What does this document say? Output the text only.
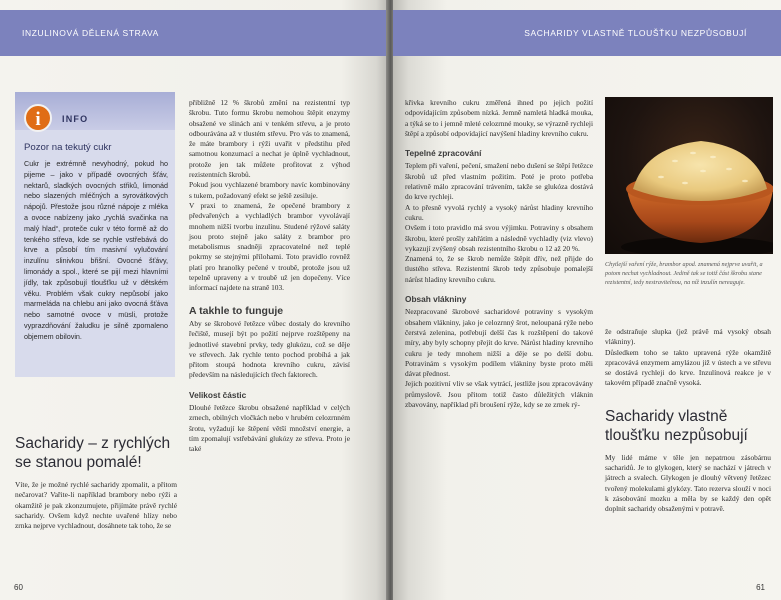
INZULINOVÁ DĚLENÁ STRAVA
i	INFO
Pozor na tekutý cukr
Cukr je extrémně nevyhodný, pokud ho pijeme – jako v případě ovocných šťáv, nektarů, sladkých ovocných střiků, limonád nebo slazených mléčných a syrovátkových nápojů. Přestože jsou různé nápoje z mléka a ovoce nabízeny jako „rychlá svačinka na malý hlad“, proteče cukr v této formě až do tenkého střeva, kde se rychle vstřebává do krve a působí tím masivní vylučování inzulínu slinivkou břišní. Ovocné šťávy, limonády a spol., které se pijí mezi hlavními jídly, tak způsobují tloušťku už v dětském věku. Problém však cukry nepůsobí jako marmeláda na chlebu ani jako ovocná šťáva nebo samotné ovoce v müsli, protože vyprazdňování žaludku je silně zpomaleno objemem obilovin.
Sacharidy – z rychlých se stanou pomalé!

Víte, že je možné rychlé sacharidy zpomalit, a přitom nečarovat? Vařite-li například brambory nebo rýži a okamžitě je pak zkonzumujete, přijímáte právě rychlé sacharidy. Ovšem když nechte uvařené hlízy nebo zrnka nejprve vychladnout, dosáhnete tak toho, že se

přibližně 12 % škrobů změní na rezistentní typ škrobu. Tuto formu škrobu nemohou štěpit enzymy obsažené ve slinách ani v tenkém střevu, a je proto odbourávána až v tlustém střevu. Pro vás to znamená, že máte brambory i rýži uvařit v předstihu před samotnou konzumací a nechat je úplně vychladnout, protože jen tak můžete profitovat z výhod rezistentních škrobů.

Pokud jsou vychlazené brambory navíc kombinovány s tukem, požadovaný efekt se ještě zesiluje.

V praxi to znamená, že opečené brambory z předvařených a vychladlých brambor vyvolávají mnohem nižší tvorbu inzulínu. Studené rýžové saláty jsou proto stejně jako saláty z brambor pro metabolismus snadněji zpracovatelné než teplé pokrmy se stejnými přílohami. Toto pravidlo rovněž platí pro hranolky pečené v troubě, protože jsou už tepelně upraveny a v troubě už jen dopečeny. Více informací najdete na straně 103.

A takhle to funguje

Aby se škrobové řetězce vůbec dostaly do krevního řečiště, musejí být po požití nejprve rozštěpeny na jednotlivé stavební prvky, tedy glukózu, což se děje ve střevech. Jak rychle tento pochod probíhá a jak přitom stoupá hodnota krevního cukru, závisí především na následujících třech faktorech.

Velikost částic

Dlouhé řetězce škrobu obsažené například v celých zrnech, obilných vločkách nebo v hrubém celozrnném šrotu, vyžadují ke štěpení větší množství energie, a tím zpomalují vstřebávání glukózy ze střeva. Proto je také

60
SACHARIDY VLASTNĚ TLOUŠŤKU NEZPŮSOBUJÍ

křivka krevního cukru změřená ihned po jejich požití odpovídajícím způsobem nízká. Jemně namletá hladká mouka, a týká se to i jemně mleté celozrnné mouky, se výrazně rychleji štěpí a způsobí odpovídající navýšení hladiny krevního cukru.

Tepelné zpracování

Teplem při vaření, pečení, smažení nebo dušení se štěpí řetězce škrobů už před vlastním požitím. Poté je proto potřeba relativně málo zpracování trávením, takže se glukóza dostává do krve rychleji.

A to přesně vyvolá rychlý a vysoký nárůst hladiny krevního cukru.

Ovšem i toto pravidlo má svou výjimku. Potraviny s obsahem škrobu, které prošly zahřátím a následně vychladly (viz vlevo) vykazují zvýšený obsah rezistentního škrobu o 12 až 20 %.

Znamená to, že se škrob nemůže štěpit dřív, než přijde do tlustého střeva. Rezistentní škrob tedy způsobuje pomalejší nárůst hladiny krevního cukru.

Obsah vlákniny

Nezpracované škrobové sacharidové potraviny s vysokým obsahem vlákniny, jako je celozrnný šrot, neloupaná rýže nebo čerstvá zelenina, potřebují delší čas k rozštěpení do takové míry, aby byly schopny přejít do krve. Nárůst hladiny krevního cukru je tedy mnohem nižší a děje se po delší dobu. Potravinám s vysokým podílem vlákniny byste proto měli dávat přednost.

Jejich pozitivní vliv se však vytrácí, jestliže jsou zpracovávány průmyslově. Jsou přitom totiž často důležitých vláknin zbavovány, například při broušení rýže, kdy se ze zrnek rý-

Chytlejší vaření rýže, brambor apod. znamená nejprve uvařit, a potom nechat vychladnout. Jedině tak se totiž část škrobu stane rezistentní, tedy nestravitelnou, na níž inzulín nereaguje.

že odstraňuje slupka (jež právě má vysoký obsah vlákniny).

Důsledkem toho se takto upravená rýže okamžitě zpracovává enzymem amylázou již v ústech a ve střevu se dostává rychleji do krve. Inzulínová reakce je v takovém případě značně vysoká.

Sacharidy vlastně tloušťku nezpůsobují

My lidé máme v těle jen nepatrnou zásobárnu sacharidů. Je to glykogen, který se nachází v játrech v játrech a svalech. Glykogen je dlouhý větvený řetězec tvořený molekulami glykózy. Tato rezerva slouží v noci k zásobování mozku a měla by se každý den opět doplnit sacharidy obsaženými v potravě.

61
